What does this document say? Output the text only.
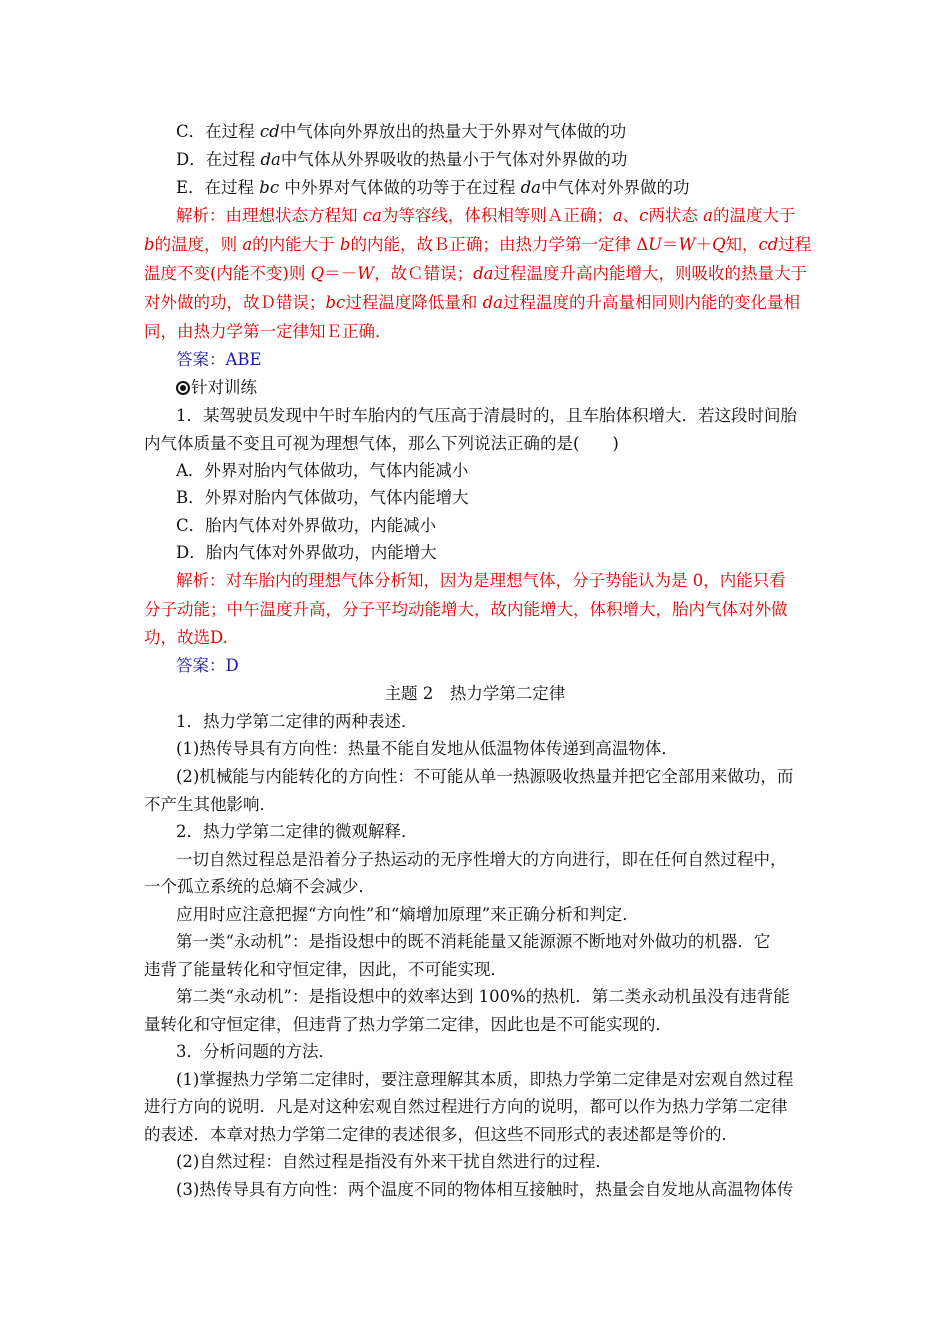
C．在过程 cd中气体向外界放出的热量大于外界对气体做的功
D．在过程 da中气体从外界吸收的热量小于气体对外界做的功
E．在过程 bc 中外界对气体做的功等于在过程 da中气体对外界做的功
解析：由理想状态方程知 ca为等容线，体积相等则Ａ正确；a、c两状态 a的温度大于
b的温度，则 a的内能大于 b的内能，故Ｂ正确；由热力学第一定律 ΔU＝W＋Q知，cd过程
温度不变(内能不变)则 Q＝－W，故Ｃ错误；da过程温度升高内能增大，则吸收的热量大于
对外做的功，故Ｄ错误；bc过程温度降低量和 da过程温度的升高量相同则内能的变化量相
同，由热力学第一定律知Ｅ正确．
答案：ABE
针对训练
1．某驾驶员发现中午时车胎内的气压高于清晨时的，且车胎体积增大．若这段时间胎
内气体质量不变且可视为理想气体，那么下列说法正确的是(　　)
A．外界对胎内气体做功，气体内能减小
B．外界对胎内气体做功，气体内能增大
C．胎内气体对外界做功，内能减小
D．胎内气体对外界做功，内能增大
解析：对车胎内的理想气体分析知，因为是理想气体，分子势能认为是 0，内能只看
分子动能；中午温度升高，分子平均动能增大，故内能增大，体积增大，胎内气体对外做
功，故选D.
答案：D
主题 2　热力学第二定律
1．热力学第二定律的两种表述．
(1)热传导具有方向性：热量不能自发地从低温物体传递到高温物体．
(2)机械能与内能转化的方向性：不可能从单一热源吸收热量并把它全部用来做功，而
不产生其他影响．
2．热力学第二定律的微观解释．
一切自然过程总是沿着分子热运动的无序性增大的方向进行，即在任何自然过程中，
一个孤立系统的总熵不会减少．
应用时应注意把握“方向性”和“熵增加原理”来正确分析和判定．
第一类“永动机”：是指设想中的既不消耗能量又能源源不断地对外做功的机器．它
违背了能量转化和守恒定律，因此，不可能实现．
第二类“永动机”：是指设想中的效率达到 100%的热机．第二类永动机虽没有违背能
量转化和守恒定律，但违背了热力学第二定律，因此也是不可能实现的．
3．分析问题的方法．
(1)掌握热力学第二定律时，要注意理解其本质，即热力学第二定律是对宏观自然过程
进行方向的说明．凡是对这种宏观自然过程进行方向的说明，都可以作为热力学第二定律
的表述．本章对热力学第二定律的表述很多，但这些不同形式的表述都是等价的．
(2)自然过程：自然过程是指没有外来干扰自然进行的过程．
(3)热传导具有方向性：两个温度不同的物体相互接触时，热量会自发地从高温物体传
